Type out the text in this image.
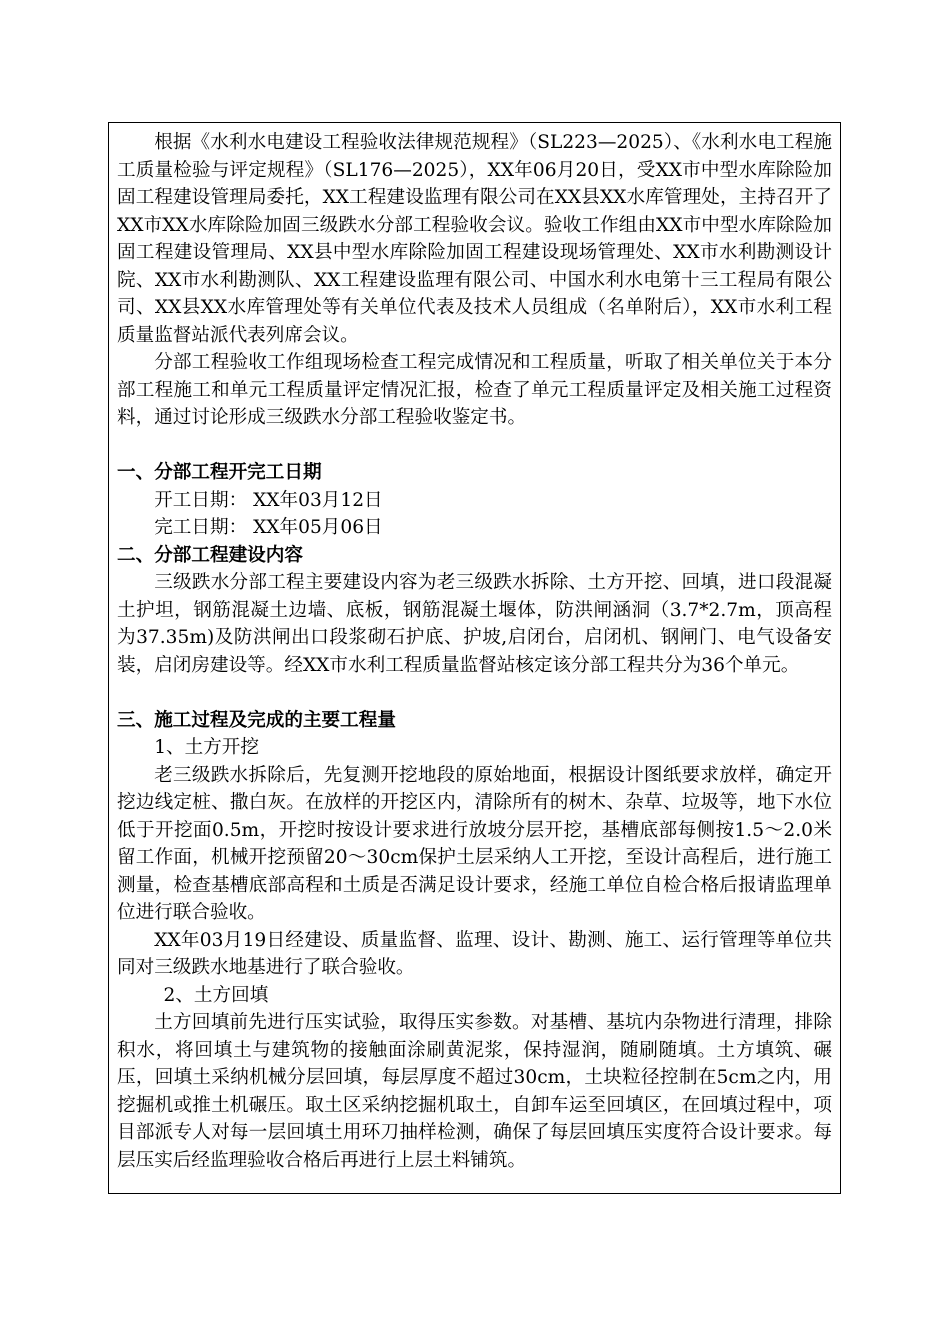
根据《水利水电建设工程验收法律规范规程》（SL223—2025）、《水利水电工程施工质量检验与评定规程》（SL176—2025），XX年06月20日，受XX市中型水库除险加固工程建设管理局委托，XX工程建设监理有限公司在XX县XX水库管理处，主持召开了XX市XX水库除险加固三级跌水分部工程验收会议。验收工作组由XX市中型水库除险加固工程建设管理局、XX县中型水库除险加固工程建设现场管理处、XX市水利勘测设计院、XX市水利勘测队、XX工程建设监理有限公司、中国水利水电第十三工程局有限公司、XX县XX水库管理处等有关单位代表及技术人员组成（名单附后），XX市水利工程质量监督站派代表列席会议。

分部工程验收工作组现场检查工程完成情况和工程质量，听取了相关单位关于本分部工程施工和单元工程质量评定情况汇报，检查了单元工程质量评定及相关施工过程资料，通过讨论形成三级跌水分部工程验收鉴定书。

一、分部工程开完工日期

开工日期： XX年03月12日

完工日期： XX年05月06日

二、分部工程建设内容

三级跌水分部工程主要建设内容为老三级跌水拆除、土方开挖、回填，进口段混凝土护坦，钢筋混凝土边墙、底板，钢筋混凝土堰体，防洪闸涵洞（3.7*2.7m，顶高程为37.35m)及防洪闸出口段浆砌石护底、护坡,启闭台，启闭机、钢闸门、电气设备安装，启闭房建设等。经XX市水利工程质量监督站核定该分部工程共分为36个单元。

三、施工过程及完成的主要工程量

1、土方开挖

老三级跌水拆除后，先复测开挖地段的原始地面，根据设计图纸要求放样，确定开挖边线定桩、撒白灰。在放样的开挖区内，清除所有的树木、杂草、垃圾等，地下水位低于开挖面0.5m，开挖时按设计要求进行放坡分层开挖，基槽底部每侧按1.5～2.0米留工作面，机械开挖预留20～30cm保护土层采纳人工开挖，至设计高程后，进行施工测量，检查基槽底部高程和土质是否满足设计要求，经施工单位自检合格后报请监理单位进行联合验收。

XX年03月19日经建设、质量监督、监理、设计、勘测、施工、运行管理等单位共同对三级跌水地基进行了联合验收。

2、土方回填

土方回填前先进行压实试验，取得压实参数。对基槽、基坑内杂物进行清理，排除积水，将回填土与建筑物的接触面涂刷黄泥浆，保持湿润，随刷随填。土方填筑、碾压，回填土采纳机械分层回填，每层厚度不超过30cm，土块粒径控制在5cm之内，用挖掘机或推土机碾压。取土区采纳挖掘机取土，自卸车运至回填区，在回填过程中，项目部派专人对每一层回填土用环刀抽样检测，确保了每层回填压实度符合设计要求。每层压实后经监理验收合格后再进行上层土料铺筑。
